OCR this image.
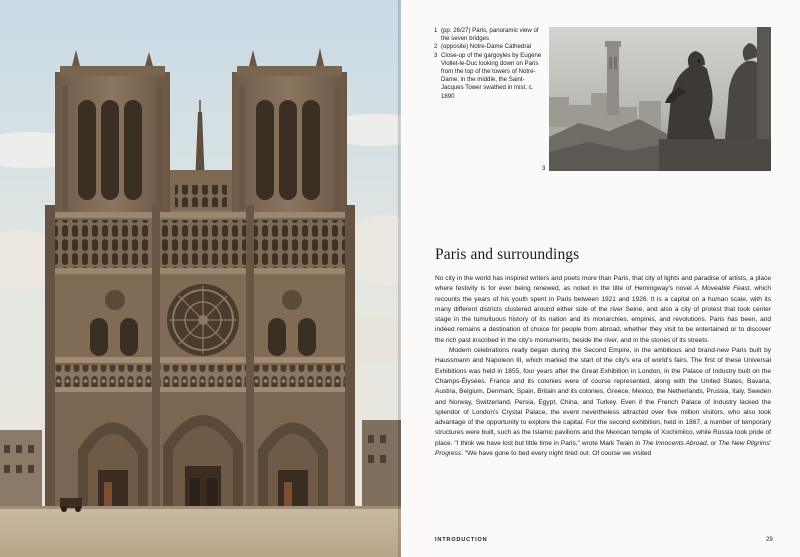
1 (pp. 26/27) Paris, panoramic view of the seven bridges
2 (opposite) Notre-Dame Cathedral
3 Close-up of the gargoyles by Eugène Viollet-le-Duc looking down on Paris from the top of the towers of Notre-Dame; in the middle, the Saint-Jacques Tower swathed in mist, c. 1890
3
Paris and surroundings

No city in the world has inspired writers and poets more than Paris, that city of lights and paradise of artists, a place where festivity is for ever being renewed, as noted in the title of Hemingway's novel A Moveable Feast, which recounts the years of his youth spent in Paris between 1921 and 1926. It is a capital on a human scale, with its many different districts clustered around either side of the river Seine, and also a city of protest that took center stage in the tumultuous history of its nation and its monarchies, empires, and revolutions. Paris has been, and indeed remains a destination of choice for people from abroad, whether they visit to be entertained or to discover the rich past inscribed in the city's monuments, beside the river, and in the stones of its streets.

Modern celebrations really began during the Second Empire, in the ambitious and brand-new Paris built by Haussmann and Napoleon III, which marked the start of the city's era of world's fairs. The first of these Universal Exhibitions was held in 1855, four years after the Great Exhibition in London, in the Palace of Industry built on the Champs-Élysées. France and its colonies were of course represented, along with the United States, Bavaria, Austria, Belgium, Denmark, Spain, Britain and its colonies, Greece, Mexico, the Netherlands, Prussia, Italy, Sweden and Norway, Switzerland, Persia, Egypt, China, and Turkey. Even if the French Palace of Industry lacked the splendor of London's Crystal Palace, the event nevertheless attracted over five million visitors, who also took advantage of the opportunity to explore the capital. For the second exhibition, held in 1867, a number of temporary structures were built, such as the Islamic pavilions and the Mexican temple of Xochimilco, while Russia took pride of place. "I think we have lost but little time in Paris," wrote Mark Twain in The Innocents Abroad, or The New Pilgrims' Progress. "We have gone to bed every night tired out. Of course we visited

INTRODUCTION	29
